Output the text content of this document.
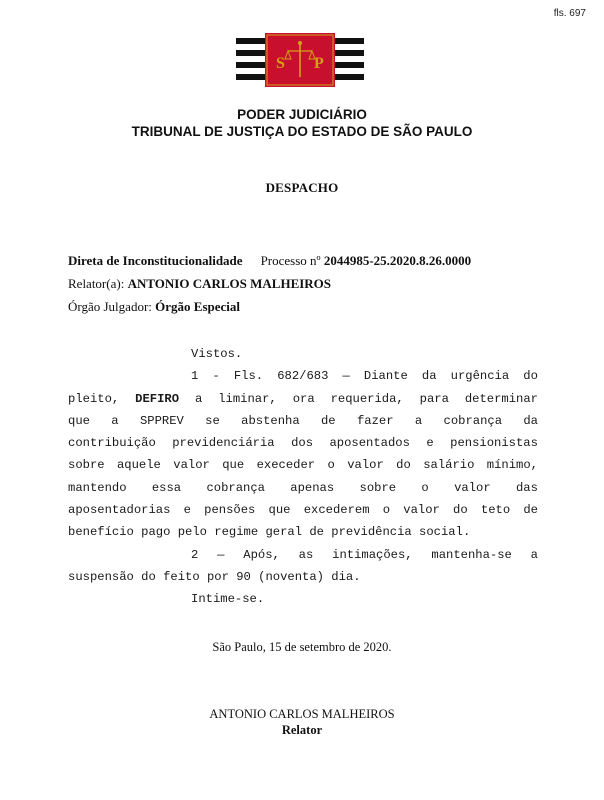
fls. 697
S P
PODER JUDICIÁRIO
TRIBUNAL DE JUSTIÇA DO ESTADO DE SÃO PAULO
DESPACHO
Direta de Inconstitucionalidade Processo nº 2044985-25.2020.8.26.0000
Relator(a): ANTONIO CARLOS MALHEIROS
Órgão Julgador: Órgão Especial
Vistos.
1 - Fls. 682/683 — Diante da urgência do
pleito, DEFIRO a liminar, ora requerida, para determinar
que a SPPREV se abstenha de fazer a cobrança da
contribuição previdenciária dos aposentados e pensionistas
sobre aquele valor que execeder o valor do salário mínimo,
mantendo essa cobrança apenas sobre o valor das
aposentadorias e pensões que excederem o valor do teto de
benefício pago pelo regime geral de previdência social.
2 — Após, as intimações, mantenha-se a
suspensão do feito por 90 (noventa) dia.
Intime-se.
São Paulo, 15 de setembro de 2020.
ANTONIO CARLOS MALHEIROS
Relator
